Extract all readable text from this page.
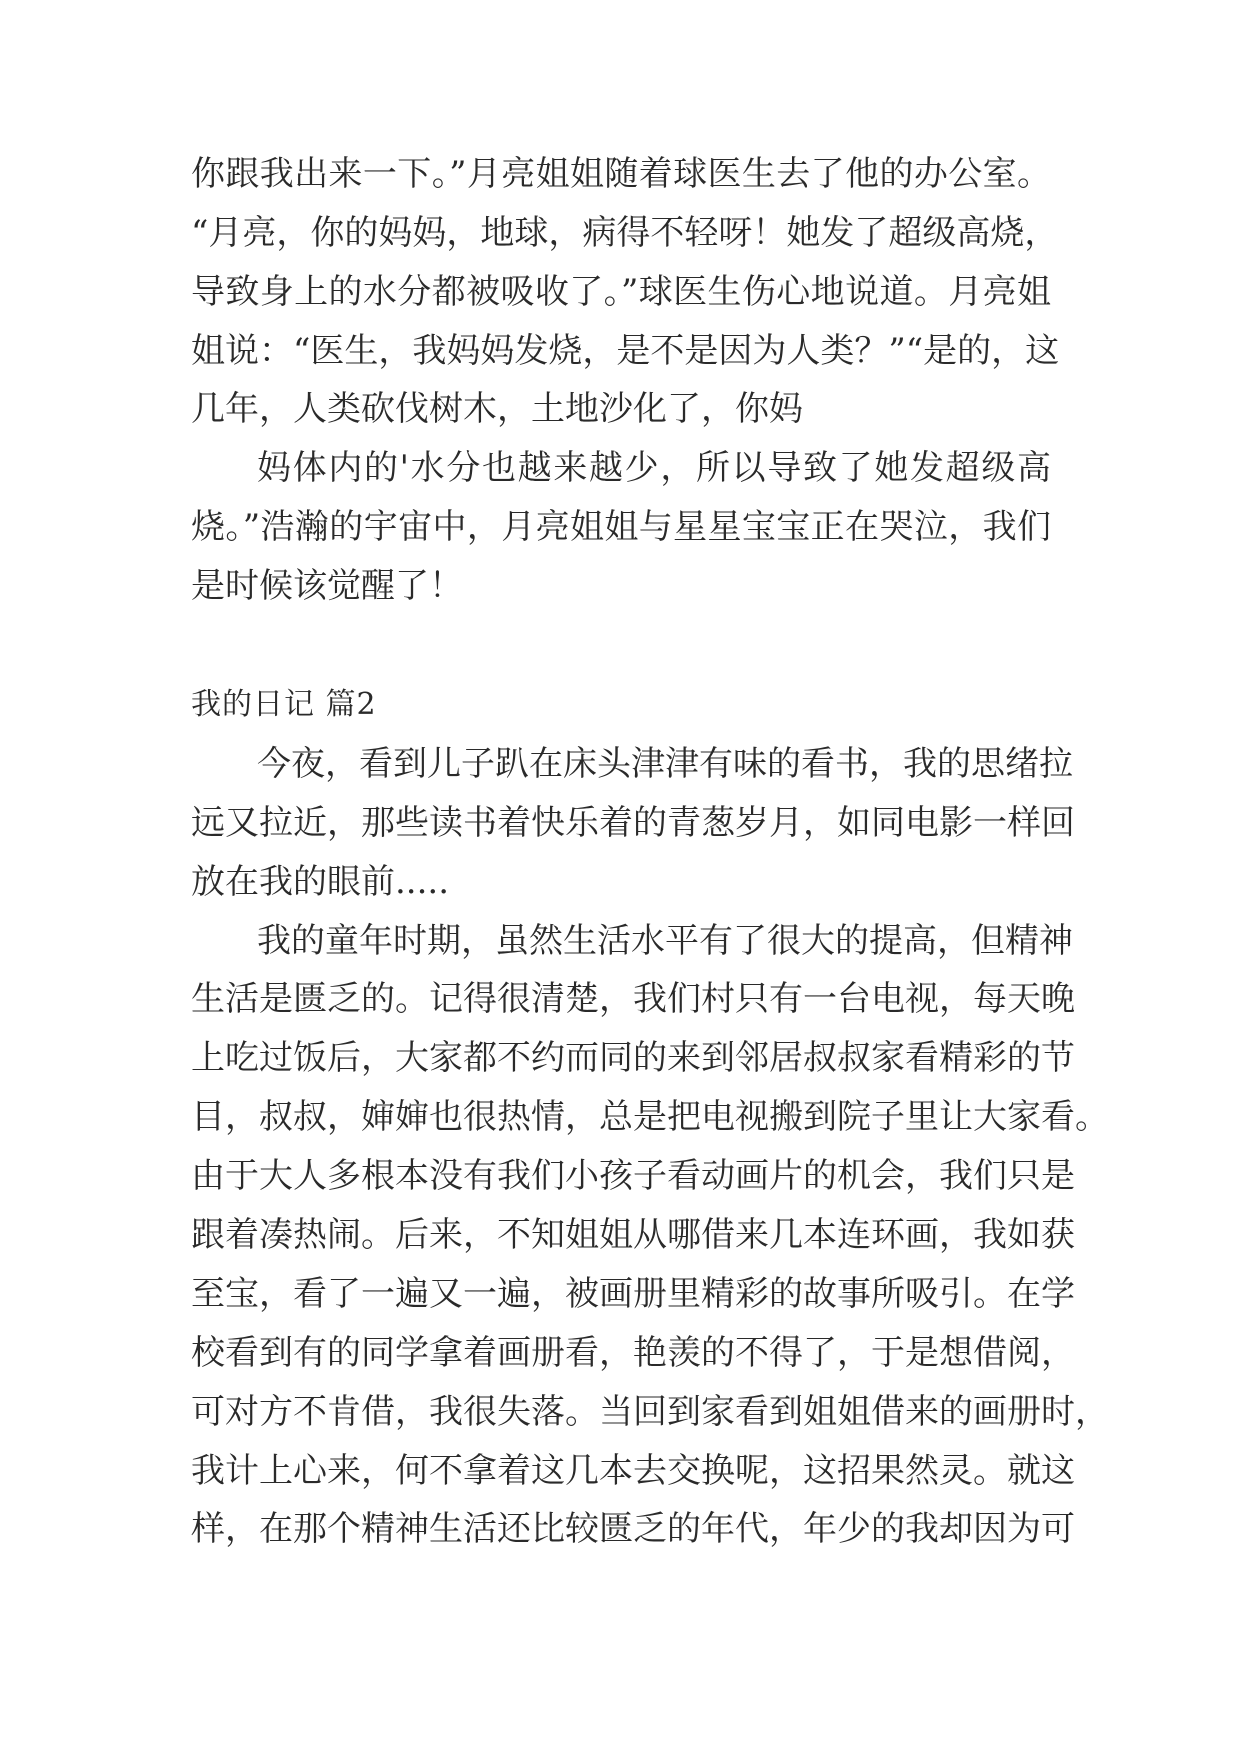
你跟我出来一下。”月亮姐姐随着球医生去了他的办公室。
“月亮，你的妈妈，地球，病得不轻呀！她发了超级高烧，
导致身上的水分都被吸收了。”球医生伤心地说道。月亮姐
姐说：“医生，我妈妈发烧，是不是因为人类？”“是的，这
几年，人类砍伐树木，土地沙化了，你妈
妈体内的'水分也越来越少，所以导致了她发超级高
烧。”浩瀚的宇宙中，月亮姐姐与星星宝宝正在哭泣，我们
是时候该觉醒了！
我的日记 篇2
今夜，看到儿子趴在床头津津有味的看书，我的思绪拉
远又拉近，那些读书着快乐着的青葱岁月，如同电影一样回
放在我的眼前.....
我的童年时期，虽然生活水平有了很大的提高，但精神
生活是匮乏的。记得很清楚，我们村只有一台电视，每天晚
上吃过饭后，大家都不约而同的来到邻居叔叔家看精彩的节
目，叔叔，婶婶也很热情，总是把电视搬到院子里让大家看。
由于大人多根本没有我们小孩子看动画片的机会，我们只是
跟着凑热闹。后来，不知姐姐从哪借来几本连环画，我如获
至宝，看了一遍又一遍，被画册里精彩的故事所吸引。在学
校看到有的同学拿着画册看，艳羡的不得了，于是想借阅，
可对方不肯借，我很失落。当回到家看到姐姐借来的画册时，
我计上心来，何不拿着这几本去交换呢，这招果然灵。就这
样，在那个精神生活还比较匮乏的年代，年少的我却因为可
